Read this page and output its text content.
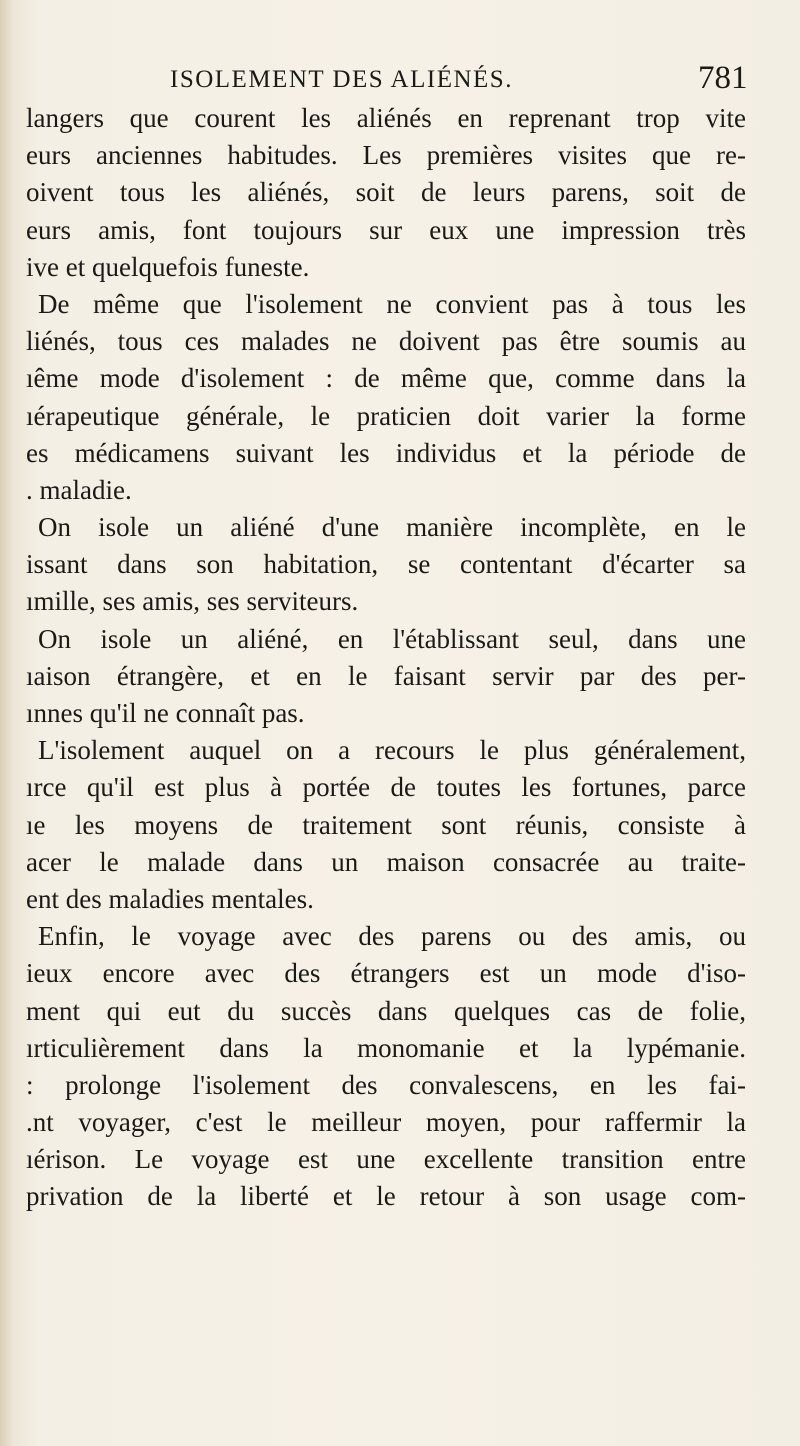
ISOLEMENT DES ALIÉNÉS.	781
langers que courent les aliénés en reprenant trop vite
eurs anciennes habitudes. Les premières visites que re-
oivent tous les aliénés, soit de leurs parens, soit de
eurs amis, font toujours sur eux une impression très
ive et quelquefois funeste.
De même que l'isolement ne convient pas à tous les
liénés, tous ces malades ne doivent pas être soumis au
ıême mode d'isolement : de même que, comme dans la
ıérapeutique générale, le praticien doit varier la forme
es médicamens suivant les individus et la période de
. maladie.
On isole un aliéné d'une manière incomplète, en le
issant dans son habitation, se contentant d'écarter sa
ımille, ses amis, ses serviteurs.
On isole un aliéné, en l'établissant seul, dans une
ıaison étrangère, et en le faisant servir par des per-
ınnes qu'il ne connaît pas.
L'isolement auquel on a recours le plus généralement,
ırce qu'il est plus à portée de toutes les fortunes, parce
ıe les moyens de traitement sont réunis, consiste à
acer le malade dans un maison consacrée au traite-
ent des maladies mentales.
Enfin, le voyage avec des parens ou des amis, ou
ieux encore avec des étrangers est un mode d'iso-
ment qui eut du succès dans quelques cas de folie,
ırticulièrement dans la monomanie et la lypémanie.
: prolonge l'isolement des convalescens, en les fai-
.nt voyager, c'est le meilleur moyen, pour raffermir la
ıérison. Le voyage est une excellente transition entre
privation de la liberté et le retour à son usage com-
